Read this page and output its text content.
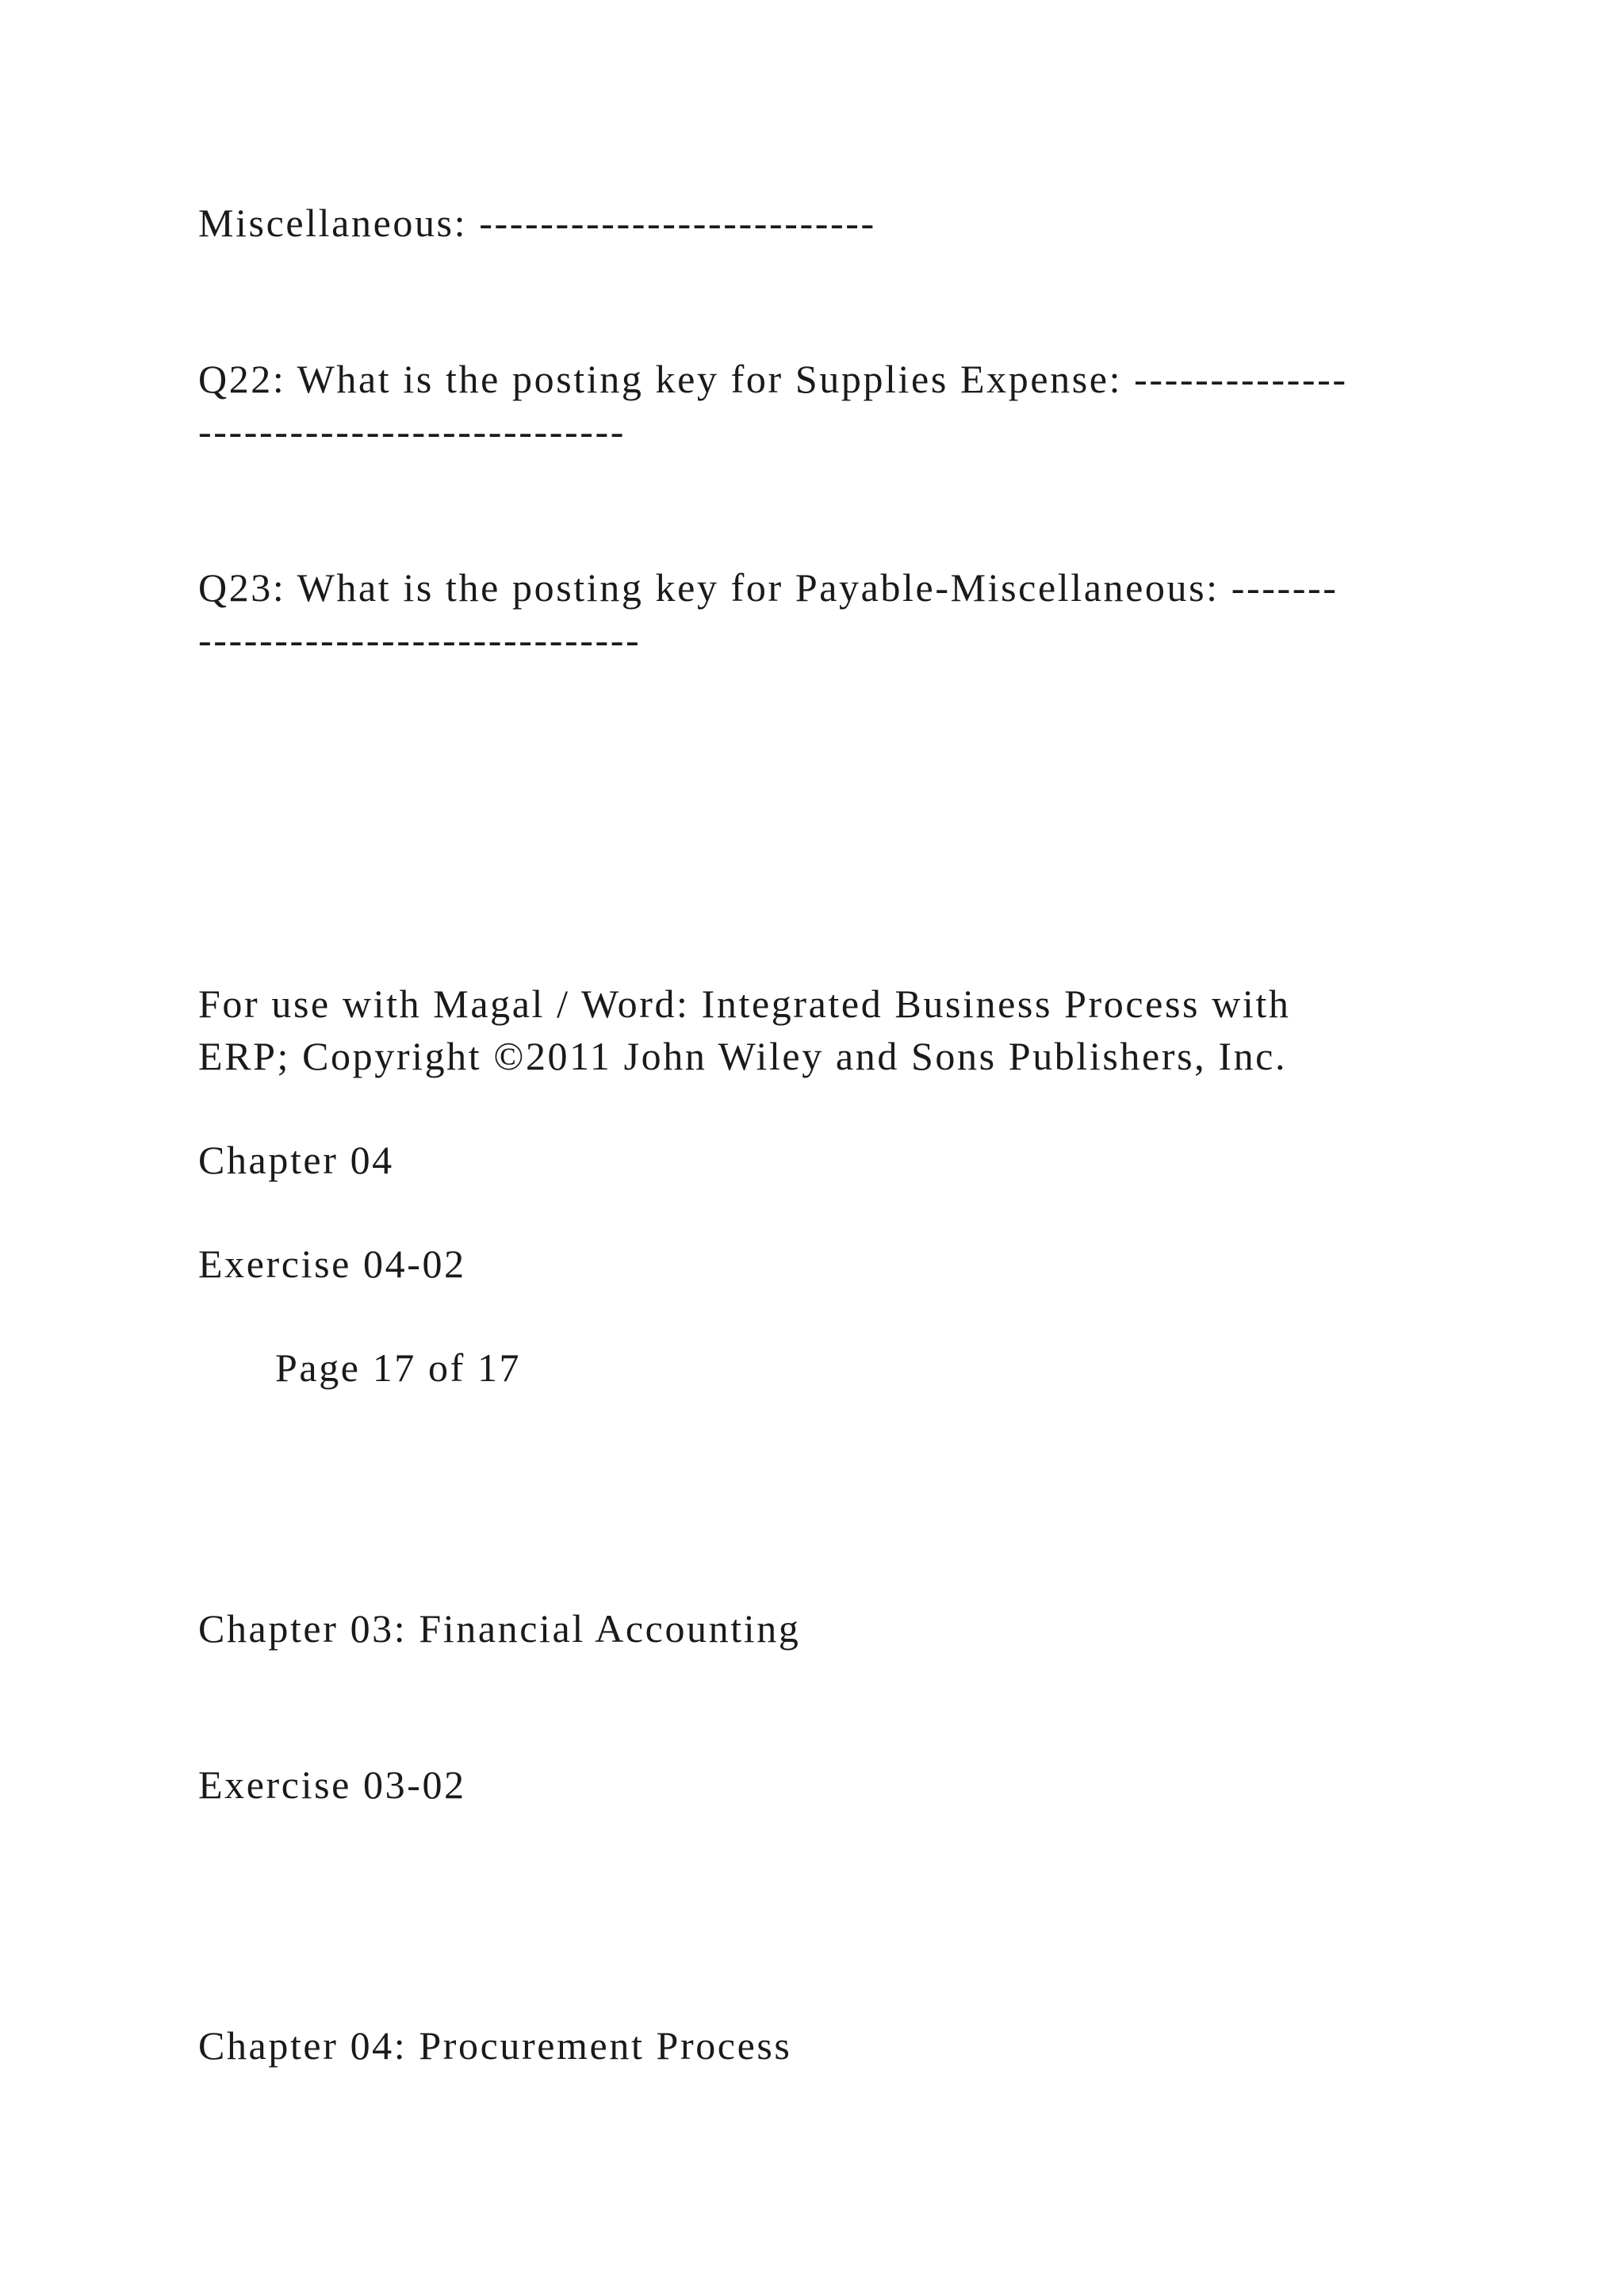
Miscellaneous: --------------------------

Q22: What is the posting key for Supplies Expense: --------------

----------------------------

Q23: What is the posting key for Payable-Miscellaneous: -------

-----------------------------

For use with Magal / Word: Integrated Business Process with

ERP; Copyright ©2011 John Wiley and Sons Publishers, Inc.

Chapter 04

Exercise 04-02

Page 17 of 17

Chapter 03: Financial Accounting

Exercise 03-02

Chapter 04: Procurement Process
